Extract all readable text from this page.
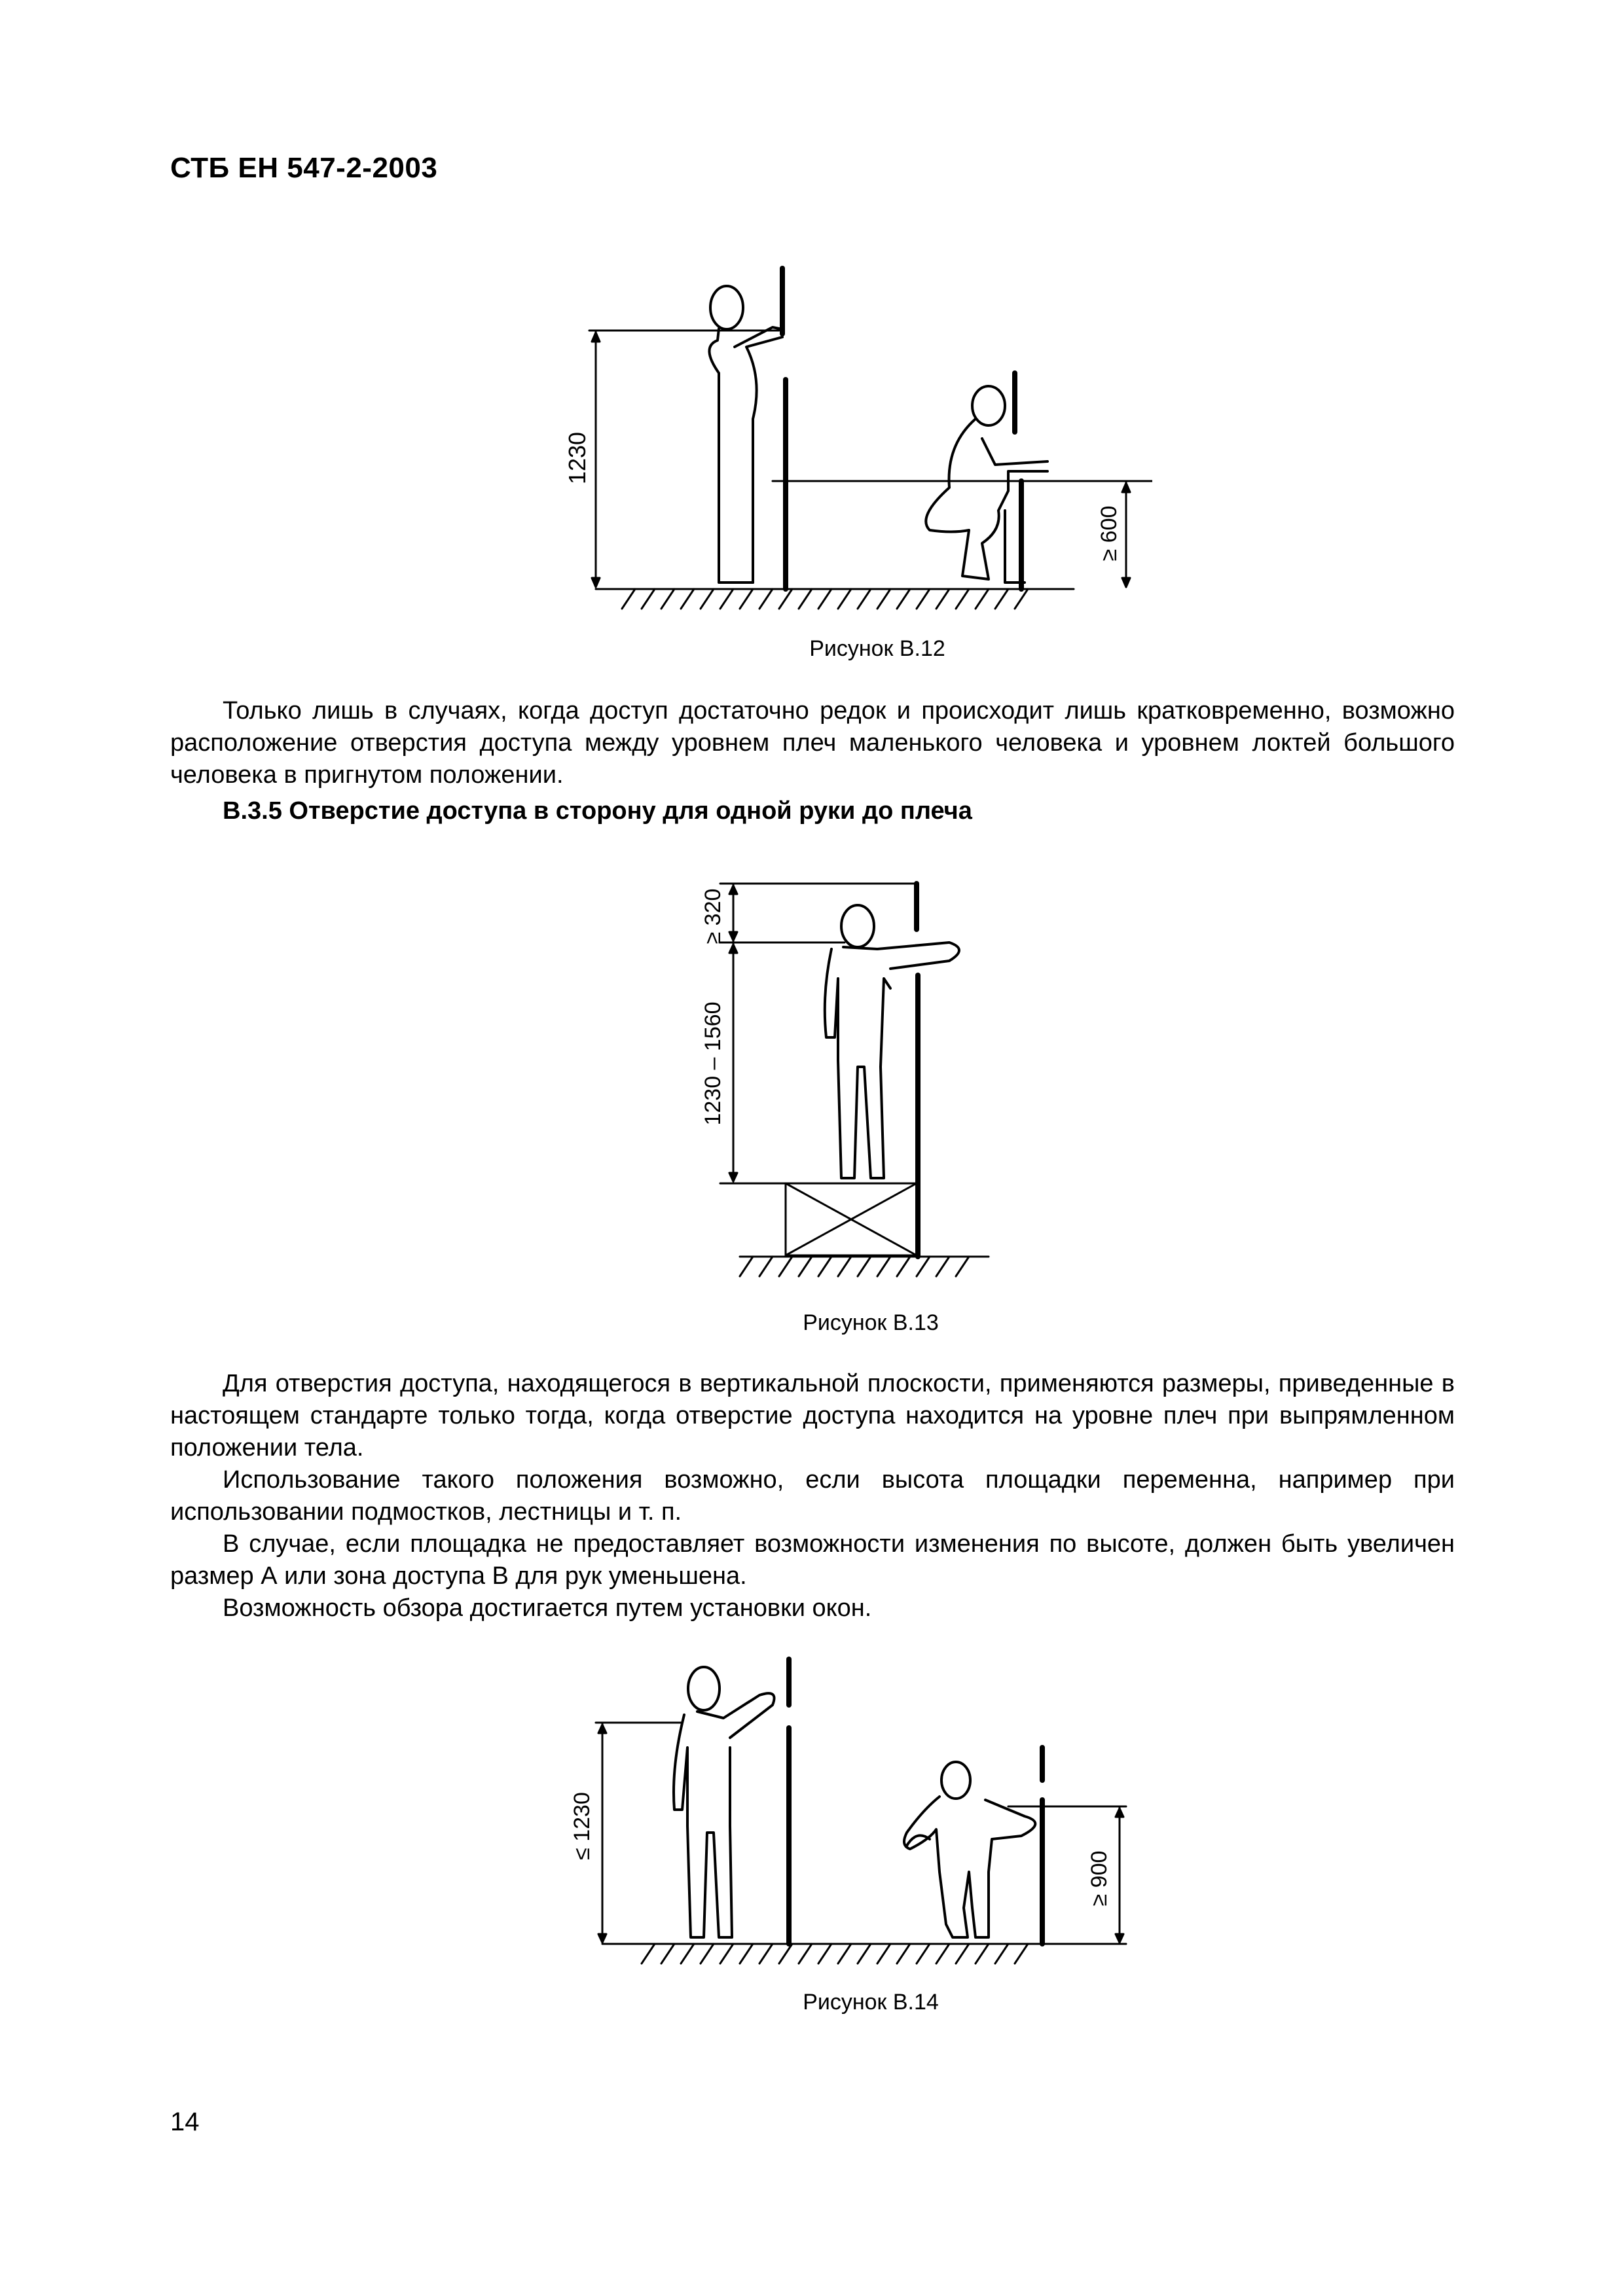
СТБ ЕН 547-2-2003
1230
≥ 600
Рисунок В.12

Только лишь в случаях, когда доступ достаточно редок и происходит лишь кратковременно, возможно расположение отверстия доступа между уровнем плеч маленького человека и уровнем локтей большого человека в пригнутом положении.

В.3.5 Отверстие доступа в сторону для одной руки до плеча
≥ 320
1230 – 1560
Рисунок В.13

Для отверстия доступа, находящегося в вертикальной плоскости, применяются размеры, приведенные в настоящем стандарте только тогда, когда отверстие доступа находится на уровне плеч при выпрямленном положении тела.

Использование такого положения возможно, если высота площадки переменна, например при использовании подмостков, лестницы и т. п.

В случае, если площадка не предоставляет возможности изменения по высоте, должен быть увеличен размер А или зона доступа В для рук уменьшена.

Возможность обзора достигается путем установки окон.

≤ 1230
≥ 900
Рисунок В.14
14
